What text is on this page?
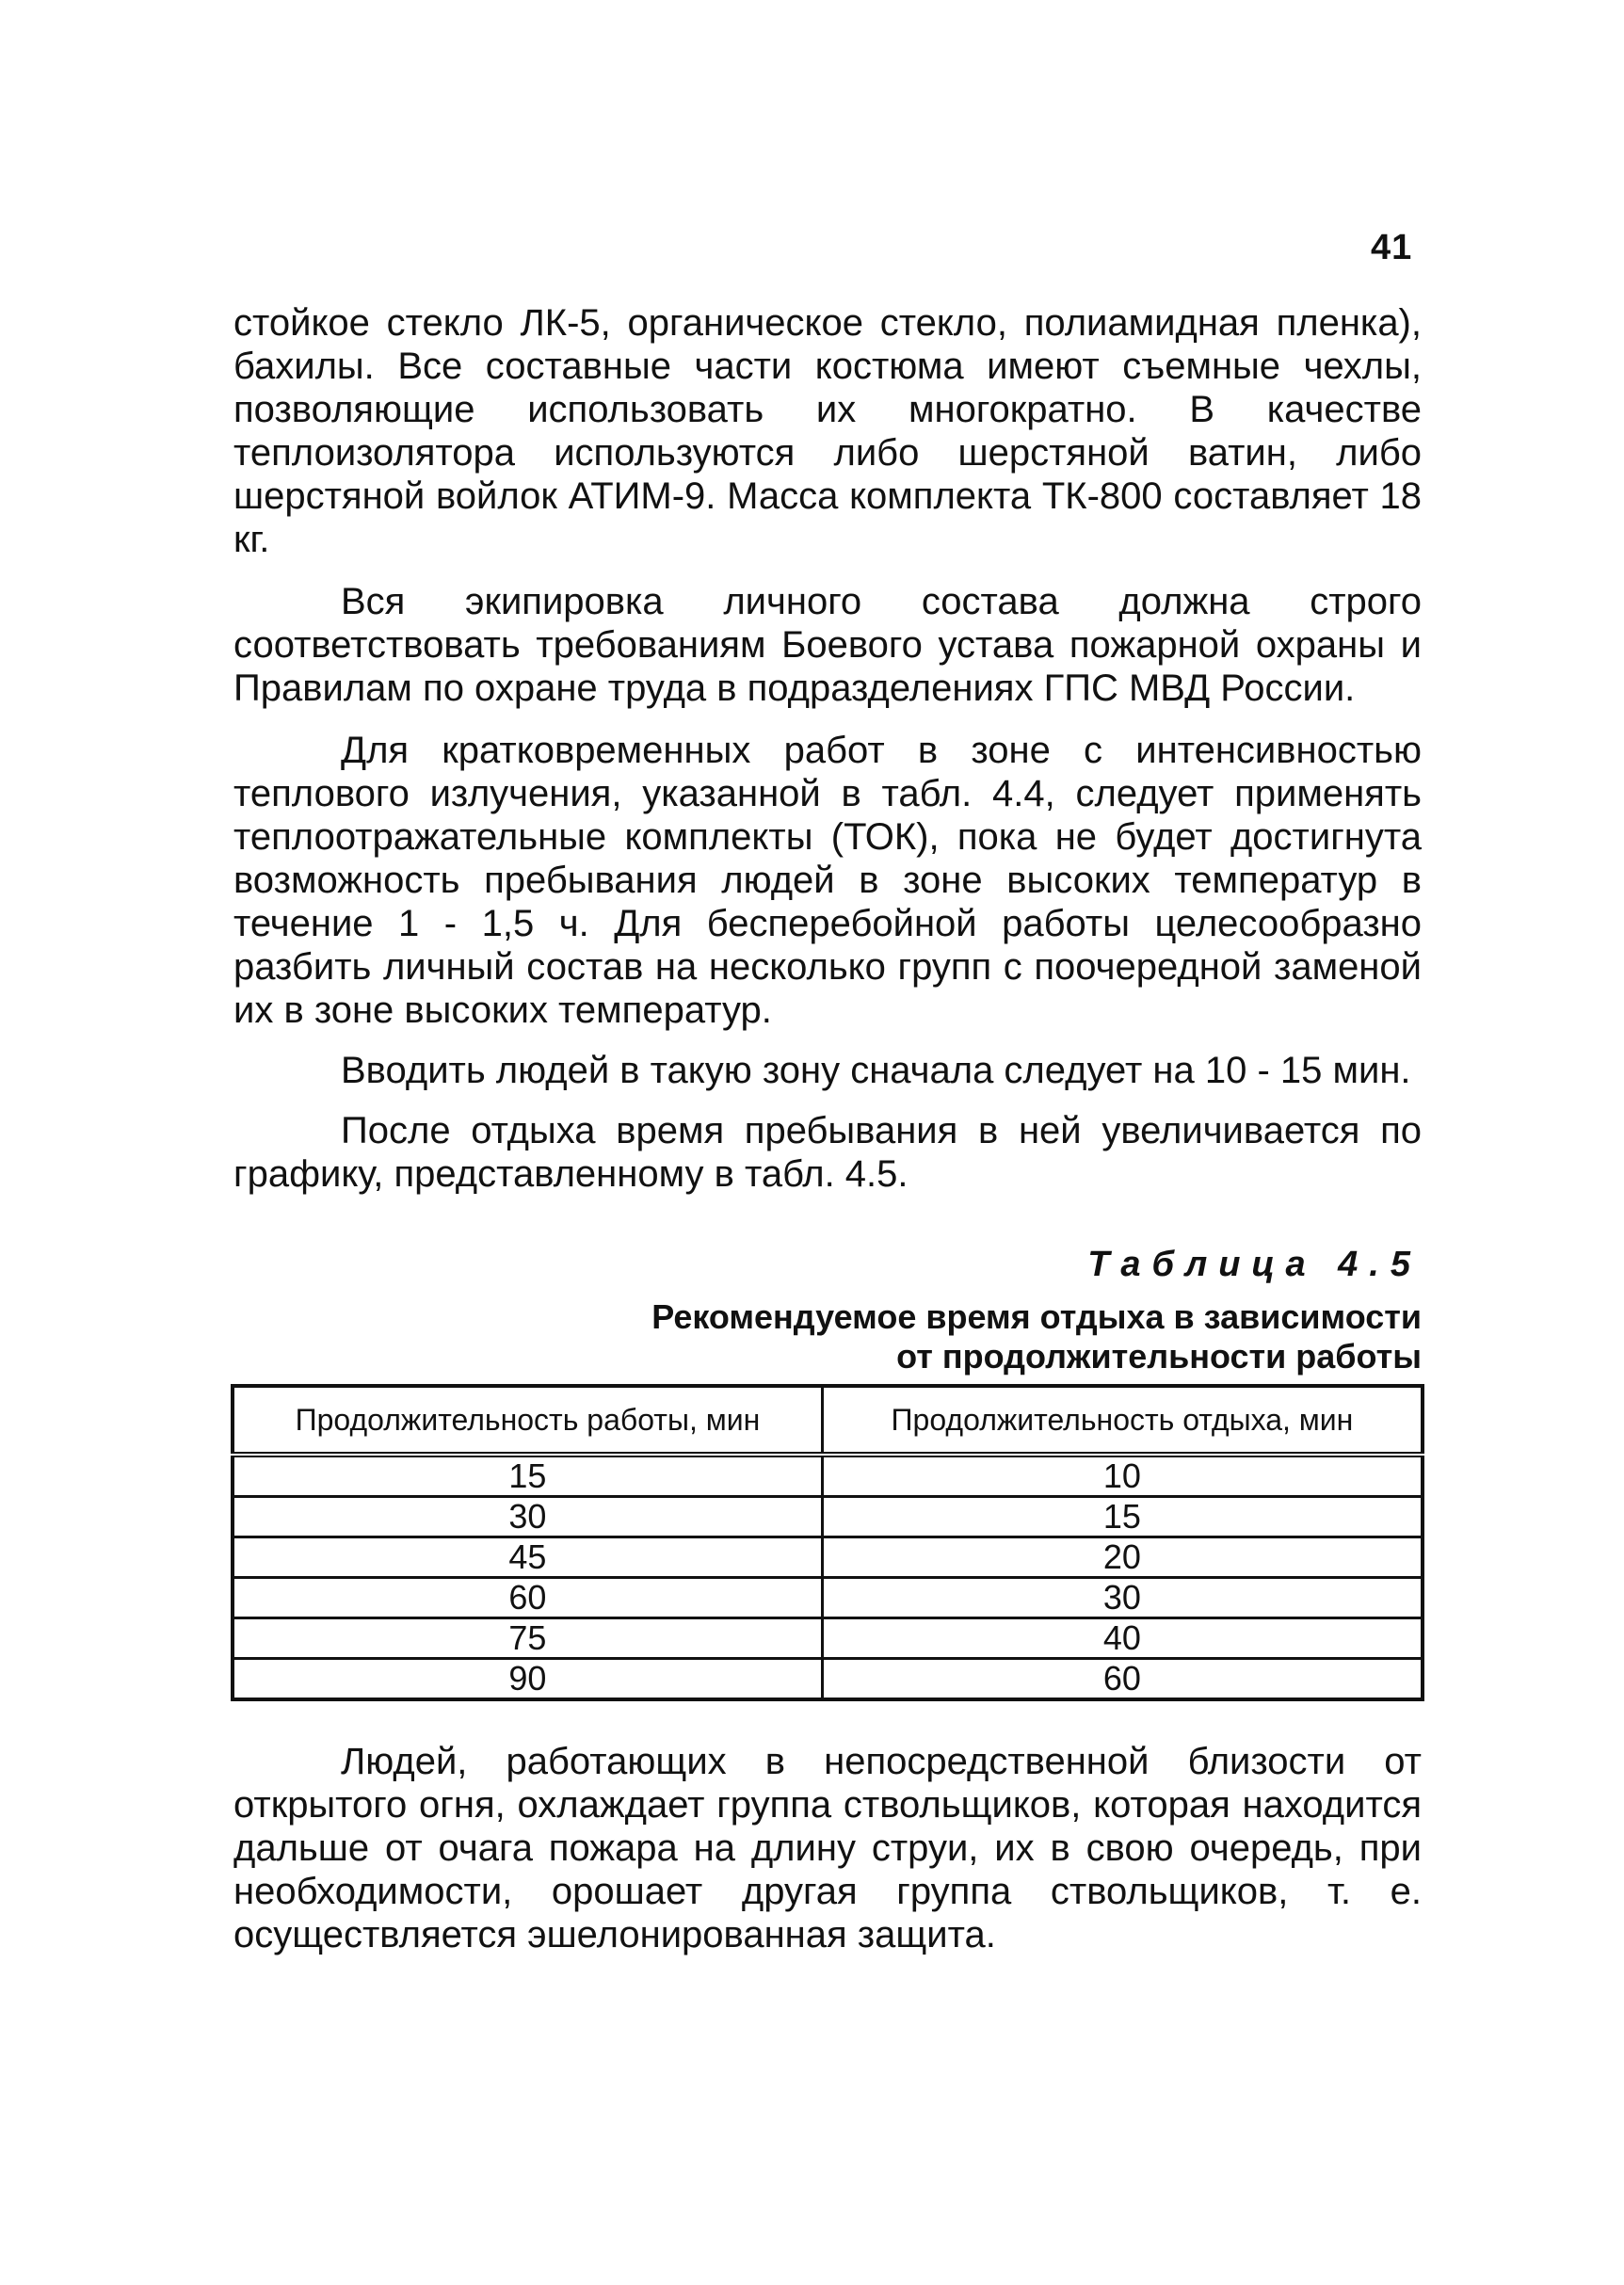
41

стойкое стекло ЛК-5, органическое стекло, полиамидная пленка), бахилы. Все составные части костюма имеют съемные чехлы, позволяющие использовать их многократно. В качестве теплоизолятора используются либо шерстяной ватин, либо шерстяной войлок АТИМ-9. Масса комплекта ТК-800 составляет 18 кг.

Вся экипировка личного состава должна строго соответствовать требованиям Боевого устава пожарной охраны и Правилам по охране труда в подразделениях ГПС МВД России.

Для кратковременных работ в зоне с интенсивностью теплового излучения, указанной в табл. 4.4, следует применять теплоотражательные комплекты (ТОК), пока не будет достигнута возможность пребывания людей в зоне высоких температур в течение 1 - 1,5 ч. Для бесперебойной работы целесообразно разбить личный состав на несколько групп с поочередной заменой их в зоне высоких температур.

Вводить людей в такую зону сначала следует на 10 - 15 мин.

После отдыха время пребывания в ней увеличивается по графику, представленному в табл. 4.5.

Таблица 4.5
Рекомендуемое время отдыха в зависимости
от продолжительности работы
Продолжительность работы, мин	Продолжительность отдыха, мин
15	10
30	15
45	20
60	30
75	40
90	60

Людей, работающих в непосредственной близости от открытого огня, охлаждает группа ствольщиков, которая находится дальше от очага пожара на длину струи, их в свою очередь, при необходимости, орошает другая группа ствольщиков, т. е. осуществляется эшелонированная защита.
